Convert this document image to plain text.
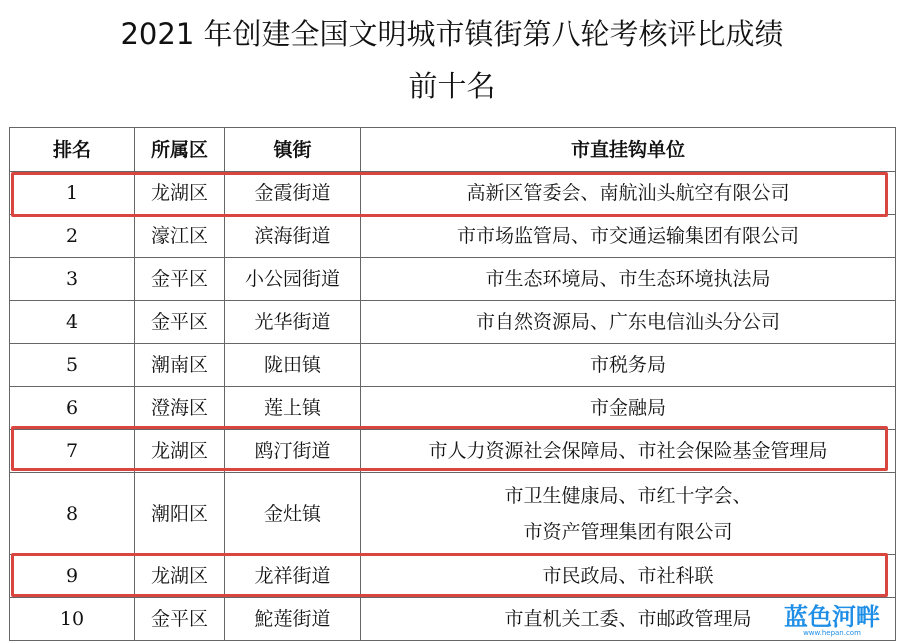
2021 年创建全国文明城市镇街第八轮考核评比成绩
前十名
排名	所属区	镇街	市直挂钩单位
1	龙湖区	金霞街道	高新区管委会、南航汕头航空有限公司
2	濠江区	滨海街道	市市场监管局、市交通运输集团有限公司
3	金平区	小公园街道	市生态环境局、市生态环境执法局
4	金平区	光华街道	市自然资源局、广东电信汕头分公司
5	潮南区	陇田镇	市税务局
6	澄海区	莲上镇	市金融局
7	龙湖区	鸥汀街道	市人力资源社会保障局、市社会保险基金管理局
8	潮阳区	金灶镇	市卫生健康局、市红十字会、
市资产管理集团有限公司

9	龙湖区	龙祥街道	市民政局、市社科联
10	金平区	鮀莲街道	市直机关工委、市邮政管理局 蓝色河畔
www.hepan.com
